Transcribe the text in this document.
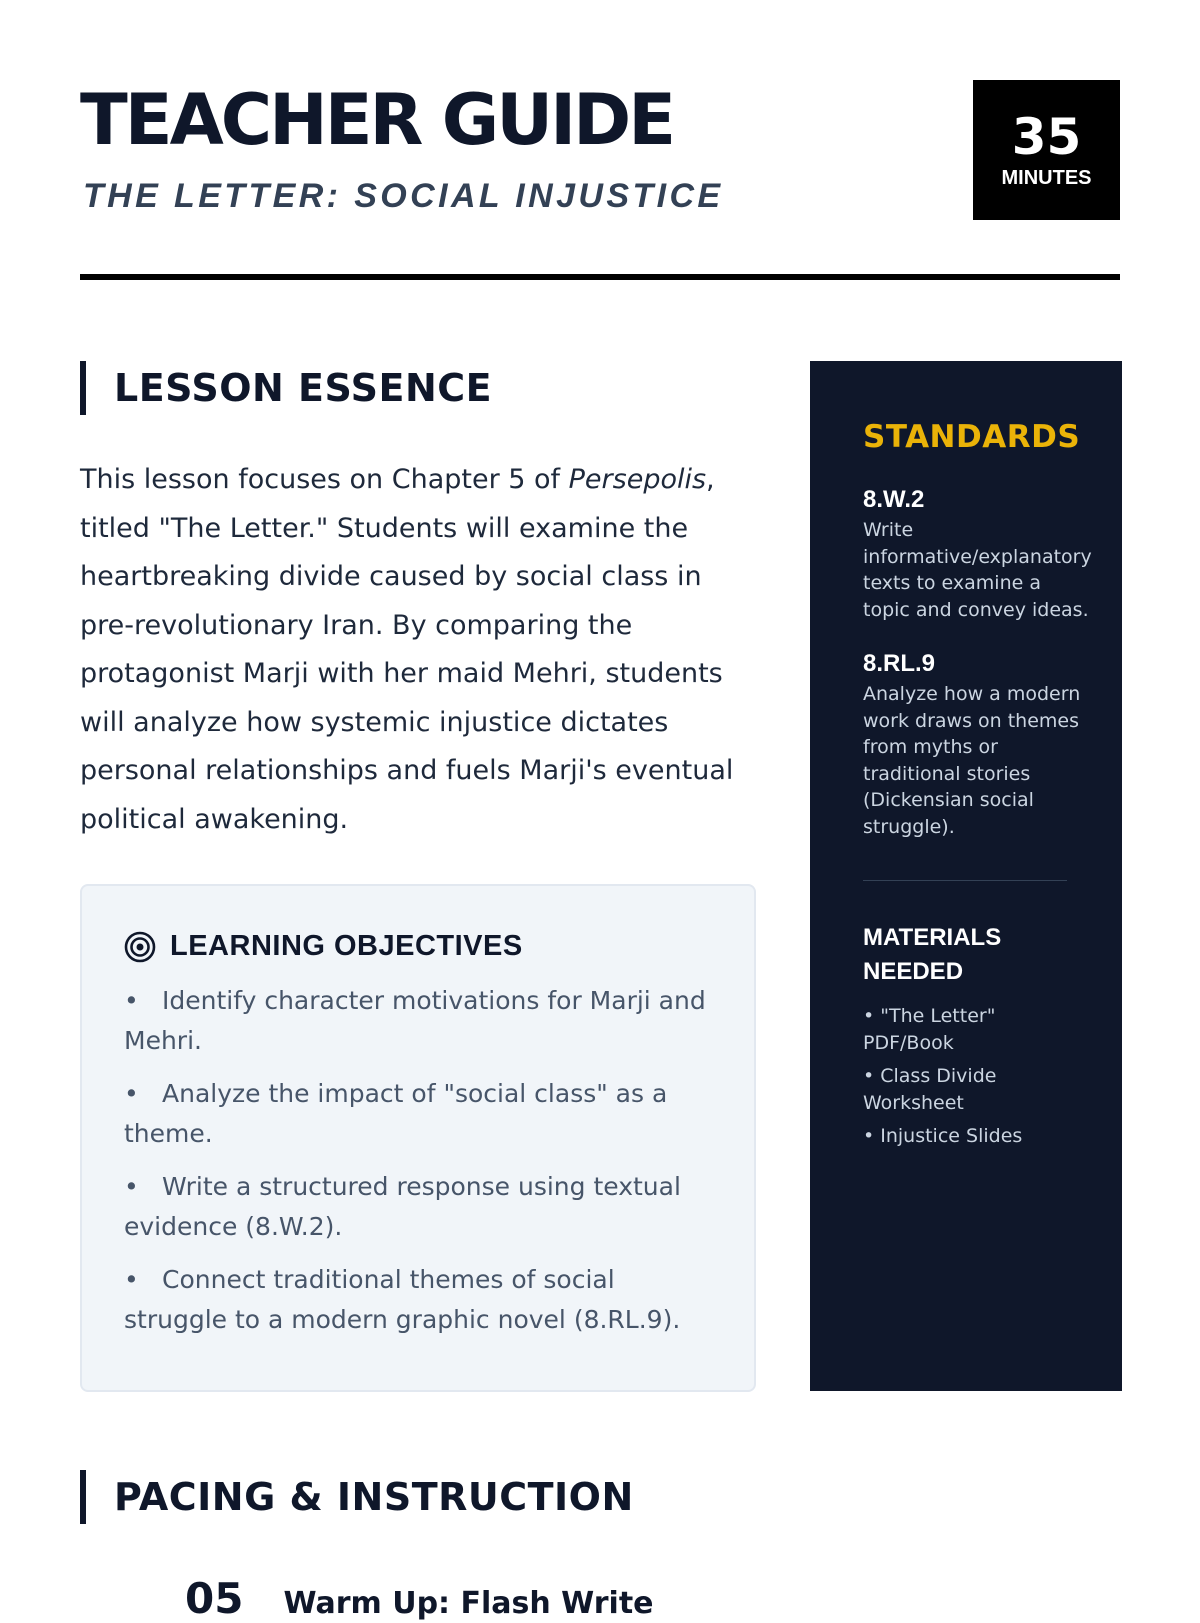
TEACHER GUIDE
THE LETTER: SOCIAL INJUSTICE
35
MINUTES
LESSON ESSENCE

This lesson focuses on Chapter 5 of Persepolis, titled "The Letter." Students will examine the heartbreaking divide caused by social class in pre-revolutionary Iran. By comparing the protagonist Marji with her maid Mehri, students will analyze how systemic injustice dictates personal relationships and fuels Marji's eventual political awakening.

LEARNING OBJECTIVES
• Identify character motivations for Marji and Mehri.
• Analyze the impact of "social class" as a theme.
• Write a structured response using textual evidence (8.W.2).
• Connect traditional themes of social struggle to a modern graphic novel (8.RL.9).
STANDARDS
8.W.2
Write informative/explanatory texts to examine a topic and convey ideas.
8.RL.9
Analyze how a modern work draws on themes from myths or traditional stories (Dickensian social struggle).
MATERIALS NEEDED
• "The Letter" PDF/Book
• Class Divide Worksheet
• Injustice Slides
PACING & INSTRUCTION
05 Warm Up: Flash Write
